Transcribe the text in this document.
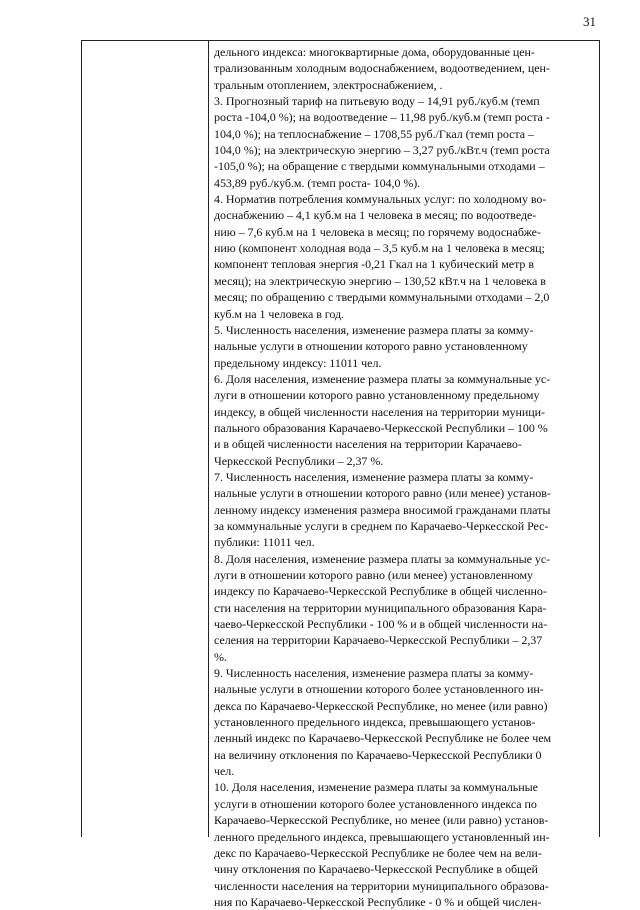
31
дельного индекса: многоквартирные дома, оборудованные цен-
трализованным холодным водоснабжением, водоотведением, цен-
тральным отоплением, электроснабжением, .
3. Прогнозный тариф на питьевую воду – 14,91 руб./куб.м (темп
роста -104,0 %); на водоотведение – 11,98 руб./куб.м (темп роста -
104,0 %); на теплоснабжение – 1708,55 руб./Гкал (темп роста –
104,0 %); на электрическую энергию – 3,27 руб./кВт.ч (темп роста
-105,0 %); на обращение с твердыми коммунальными отходами –
453,89 руб./куб.м. (темп роста- 104,0 %).
4. Норматив потребления коммунальных услуг: по холодному во-
доснабжению – 4,1 куб.м на 1 человека в месяц; по водоотведе-
нию – 7,6 куб.м на 1 человека в месяц; по горячему водоснабже-
нию (компонент холодная вода – 3,5 куб.м на 1 человека в месяц;
компонент тепловая энергия -0,21 Гкал на 1 кубический метр в
месяц); на электрическую энергию – 130,52 кВт.ч на 1 человека в
месяц; по обращению с твердыми коммунальными отходами – 2,0
куб.м на 1 человека в год.
5. Численность населения, изменение размера платы за комму-
нальные услуги в отношении которого равно установленному
предельному индексу: 11011 чел.
6. Доля населения, изменение размера платы за коммунальные ус-
луги в отношении которого равно установленному предельному
индексу, в общей численности населения на территории муници-
пального образования Карачаево-Черкесской Республики – 100 %
и в общей численности населения на территории Карачаево-
Черкесской Республики – 2,37 %.
7. Численность населения, изменение размера платы за комму-
нальные услуги в отношении которого равно (или менее) установ-
ленному индексу изменения размера вносимой гражданами платы
за коммунальные услуги в среднем по Карачаево-Черкесской Рес-
публики: 11011 чел.
8. Доля населения, изменение размера платы за коммунальные ус-
луги в отношении которого равно (или менее) установленному
индексу по Карачаево-Черкесской Республике в общей численно-
сти населения на территории муниципального образования Кара-
чаево-Черкесской Республики - 100 % и в общей численности на-
селения на территории Карачаево-Черкесской Республики – 2,37
%.
9. Численность населения, изменение размера платы за комму-
нальные услуги в отношении которого более установленного ин-
декса по Карачаево-Черкесской Республике, но менее (или равно)
установленного предельного индекса, превышающего установ-
ленный индекс по Карачаево-Черкесской Республике не более чем
на величину отклонения по Карачаево-Черкесской Республики 0
чел.
10. Доля населения, изменение размера платы за коммунальные
услуги в отношении которого более установленного индекса по
Карачаево-Черкесской Республике, но менее (или равно) установ-
ленного предельного индекса, превышающего установленный ин-
декс по Карачаево-Черкесской Республике не более чем на вели-
чину отклонения по Карачаево-Черкесской Республике в общей
численности населения на территории муниципального образова-
ния по Карачаево-Черкесской Республике - 0 % и общей числен-
